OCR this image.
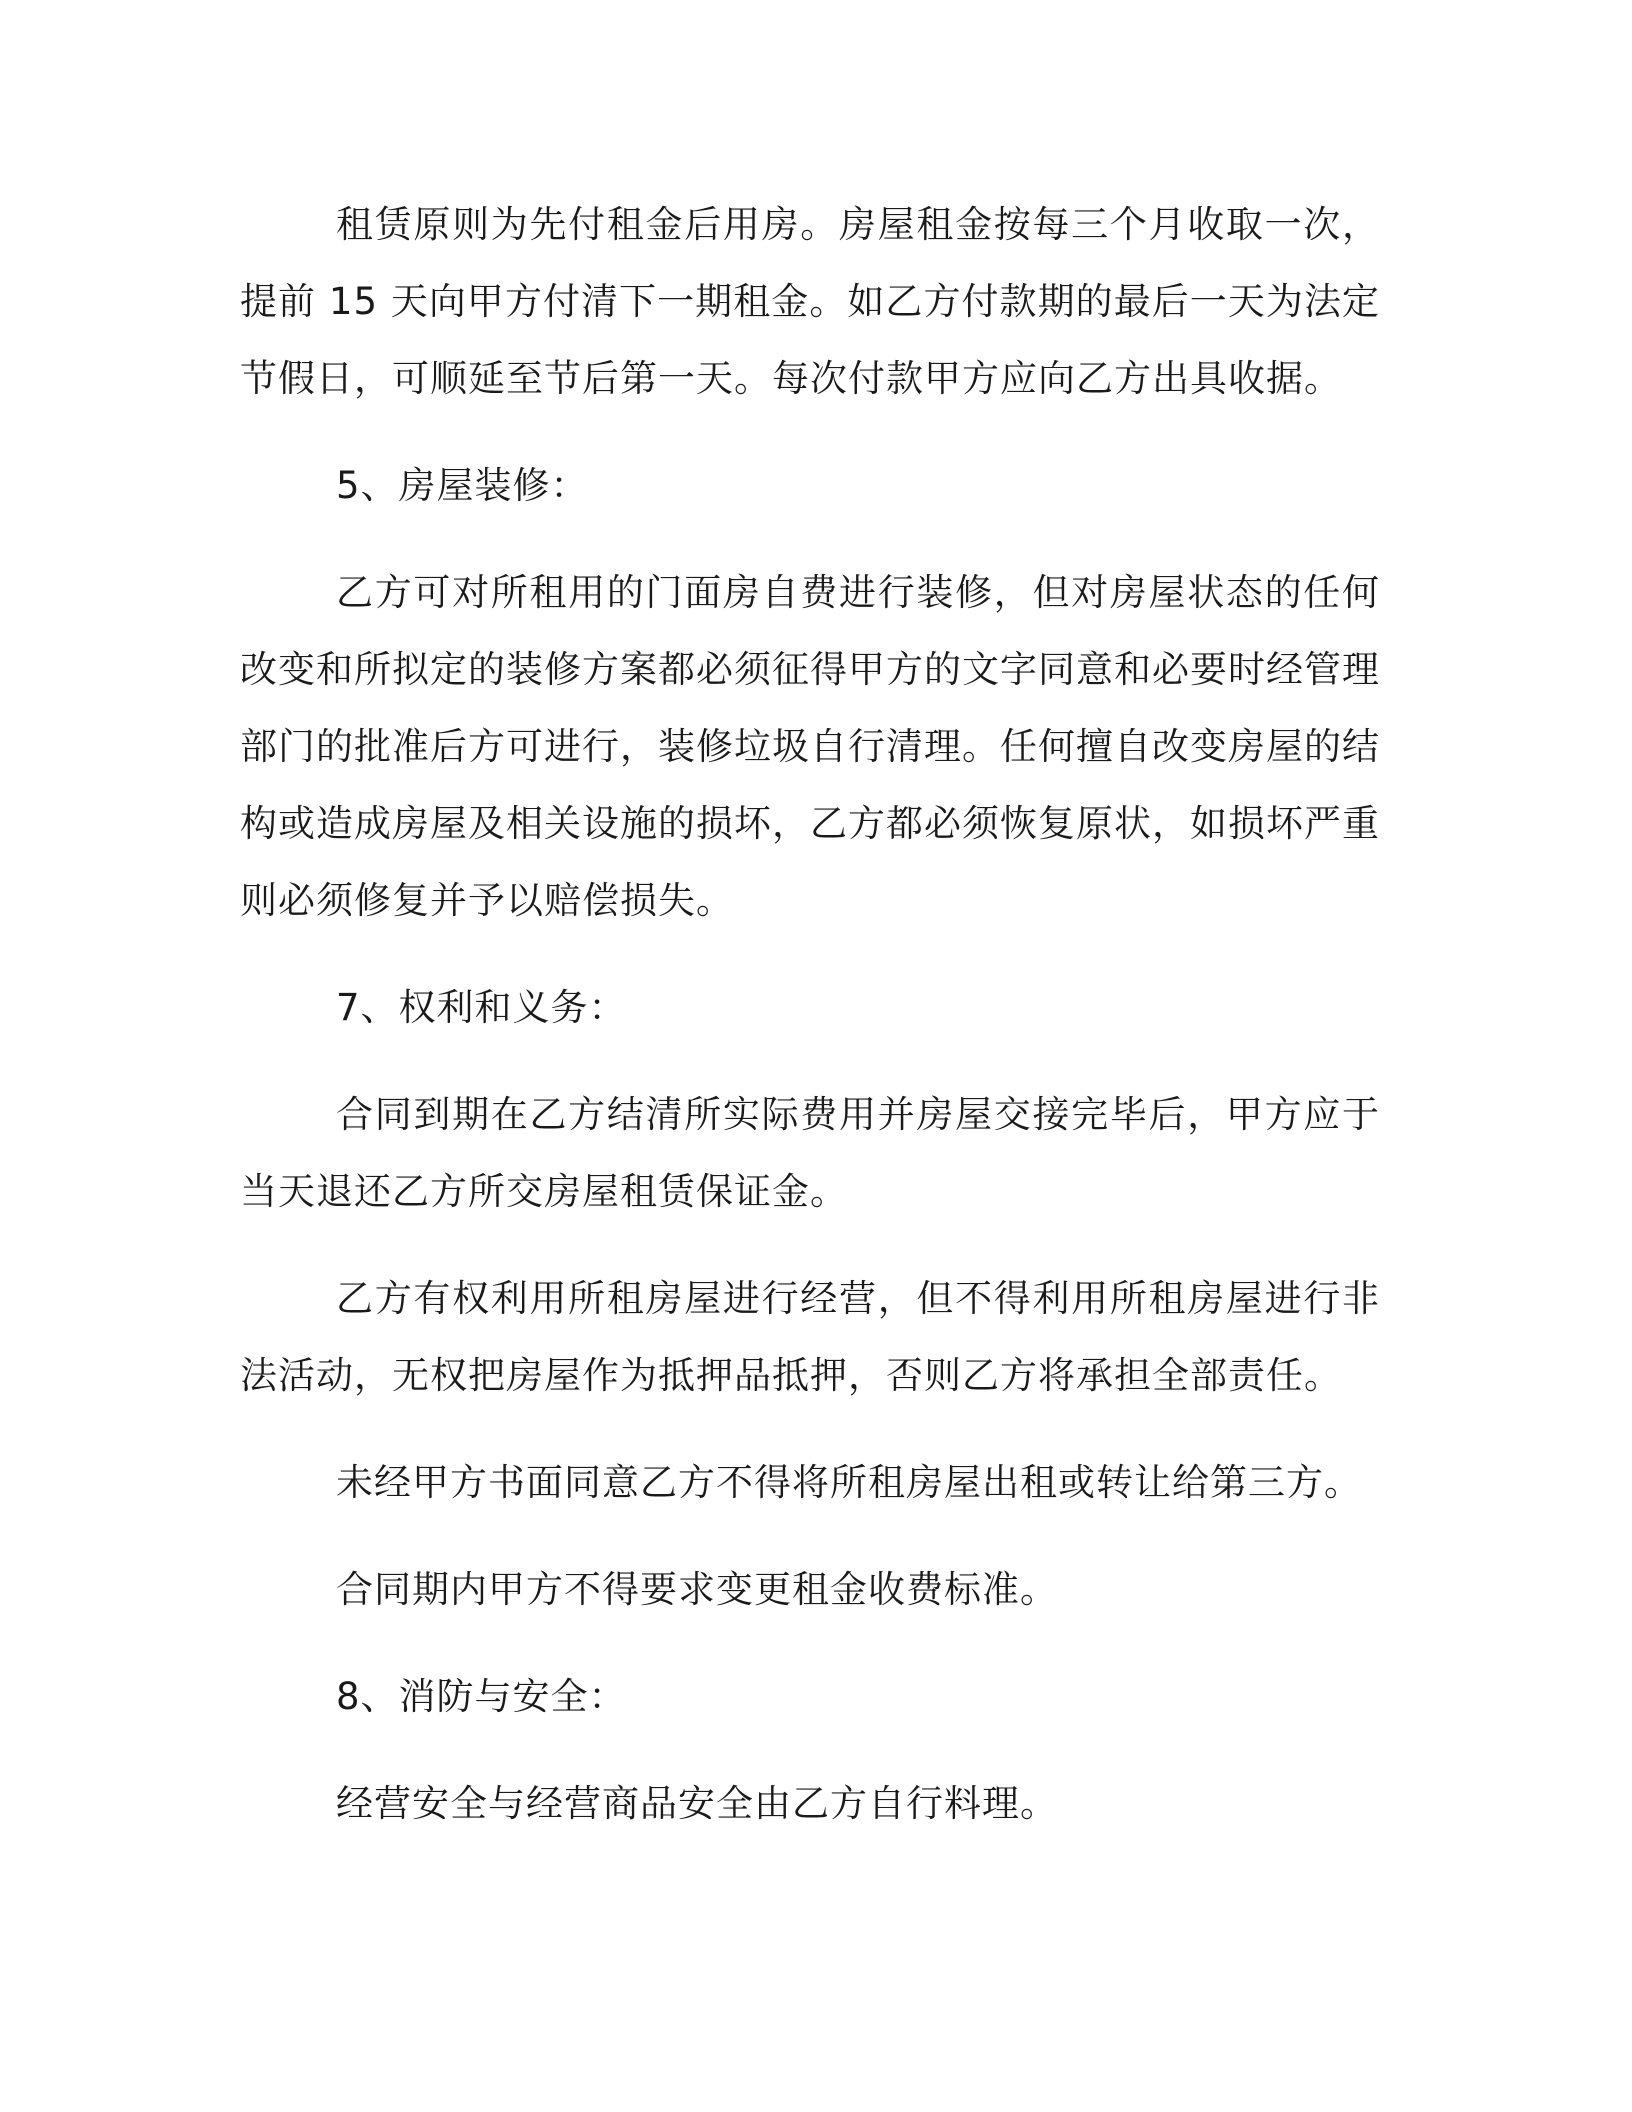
租赁原则为先付租金后用房。房屋租金按每三个月收取一次，提前 15 天向甲方付清下一期租金。如乙方付款期的最后一天为法定节假日，可顺延至节后第一天。每次付款甲方应向乙方出具收据。

5、房屋装修：

乙方可对所租用的门面房自费进行装修，但对房屋状态的任何改变和所拟定的装修方案都必须征得甲方的文字同意和必要时经管理部门的批准后方可进行，装修垃圾自行清理。任何擅自改变房屋的结构或造成房屋及相关设施的损坏，乙方都必须恢复原状，如损坏严重则必须修复并予以赔偿损失。

7、权利和义务：

合同到期在乙方结清所实际费用并房屋交接完毕后，甲方应于当天退还乙方所交房屋租赁保证金。

乙方有权利用所租房屋进行经营，但不得利用所租房屋进行非法活动，无权把房屋作为抵押品抵押，否则乙方将承担全部责任。

未经甲方书面同意乙方不得将所租房屋出租或转让给第三方。

合同期内甲方不得要求变更租金收费标准。

8、消防与安全：

经营安全与经营商品安全由乙方自行料理。
